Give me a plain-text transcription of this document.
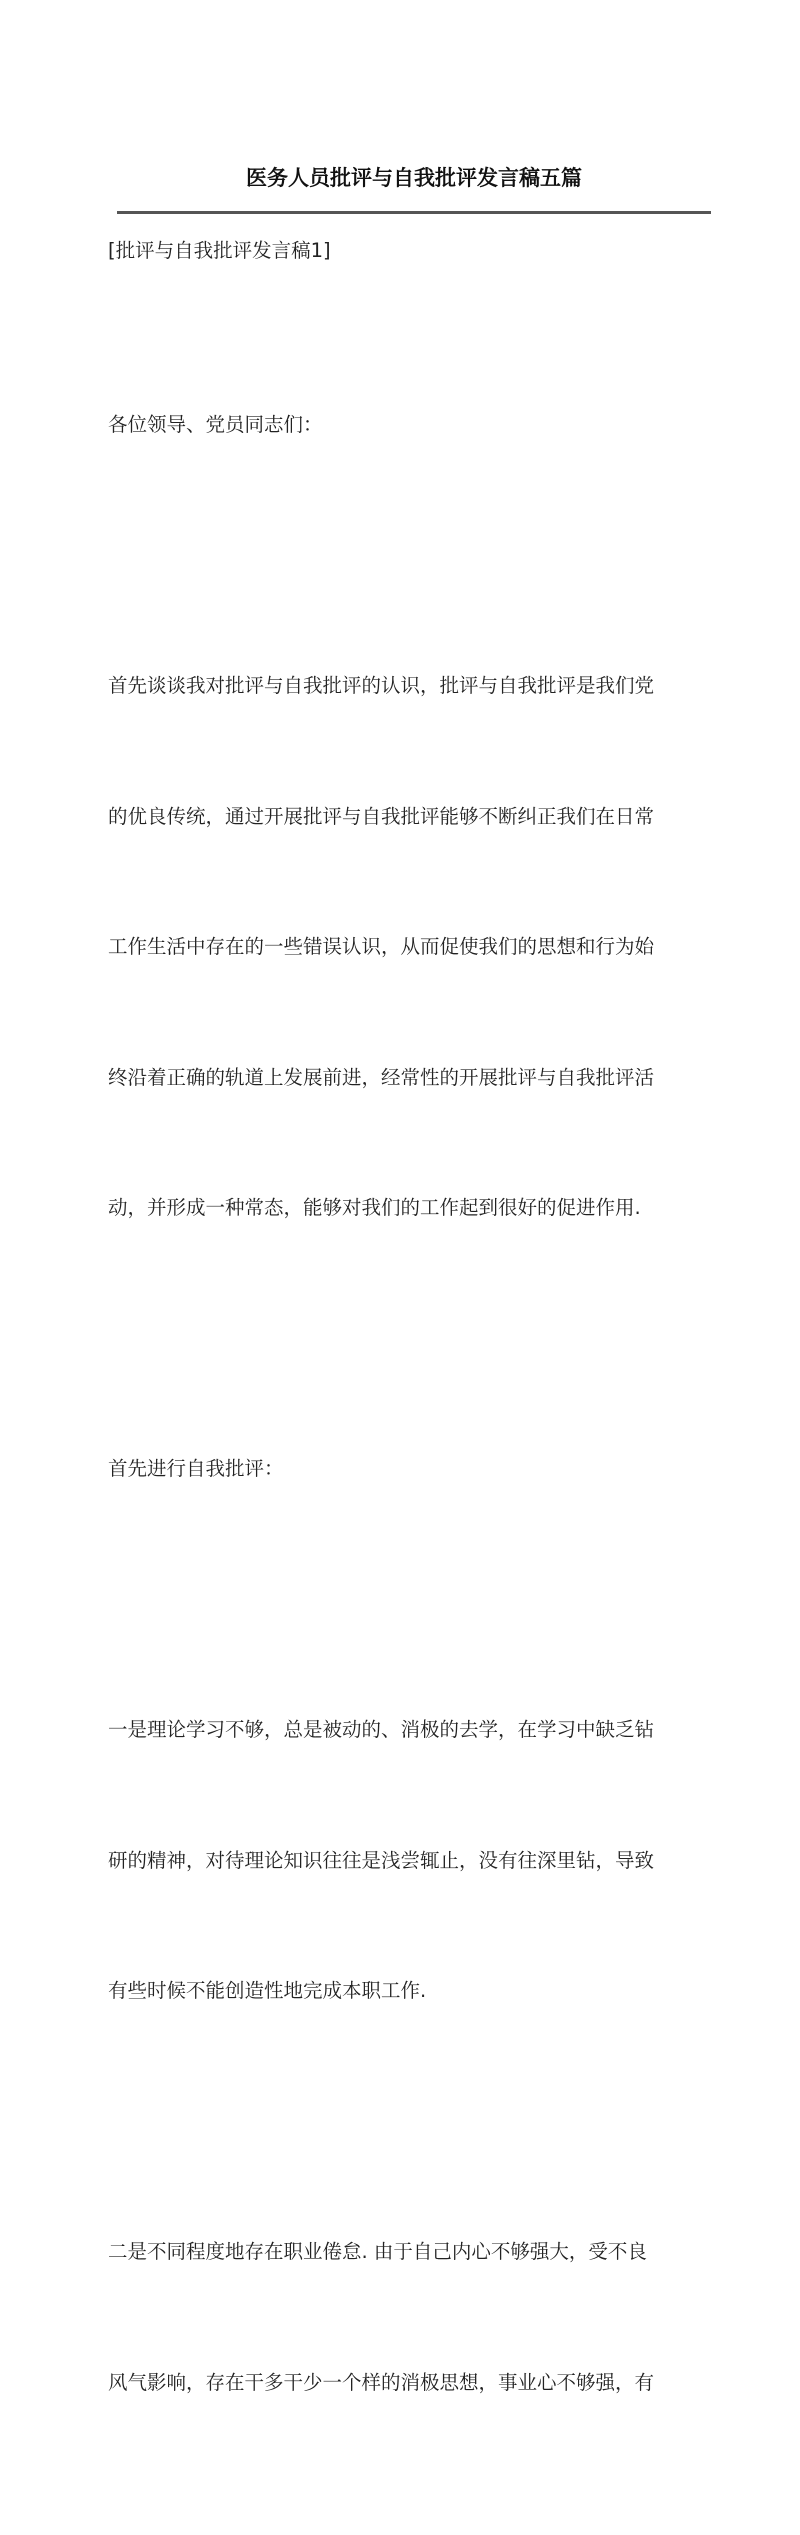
医务人员批评与自我批评发言稿五篇
[批评与自我批评发言稿1]

各位领导、党员同志们：

首先谈谈我对批评与自我批评的认识，批评与自我批评是我们党

的优良传统，通过开展批评与自我批评能够不断纠正我们在日常

工作生活中存在的一些错误认识，从而促使我们的思想和行为始

终沿着正确的轨道上发展前进，经常性的开展批评与自我批评活

动，并形成一种常态，能够对我们的工作起到很好的促进作用.

首先进行自我批评：

一是理论学习不够，总是被动的、消极的去学，在学习中缺乏钻

研的精神，对待理论知识往往是浅尝辄止，没有往深里钻，导致

有些时候不能创造性地完成本职工作.

二是不同程度地存在职业倦怠. 由于自己内心不够强大，受不良

风气影响，存在干多干少一个样的消极思想，事业心不够强，有
